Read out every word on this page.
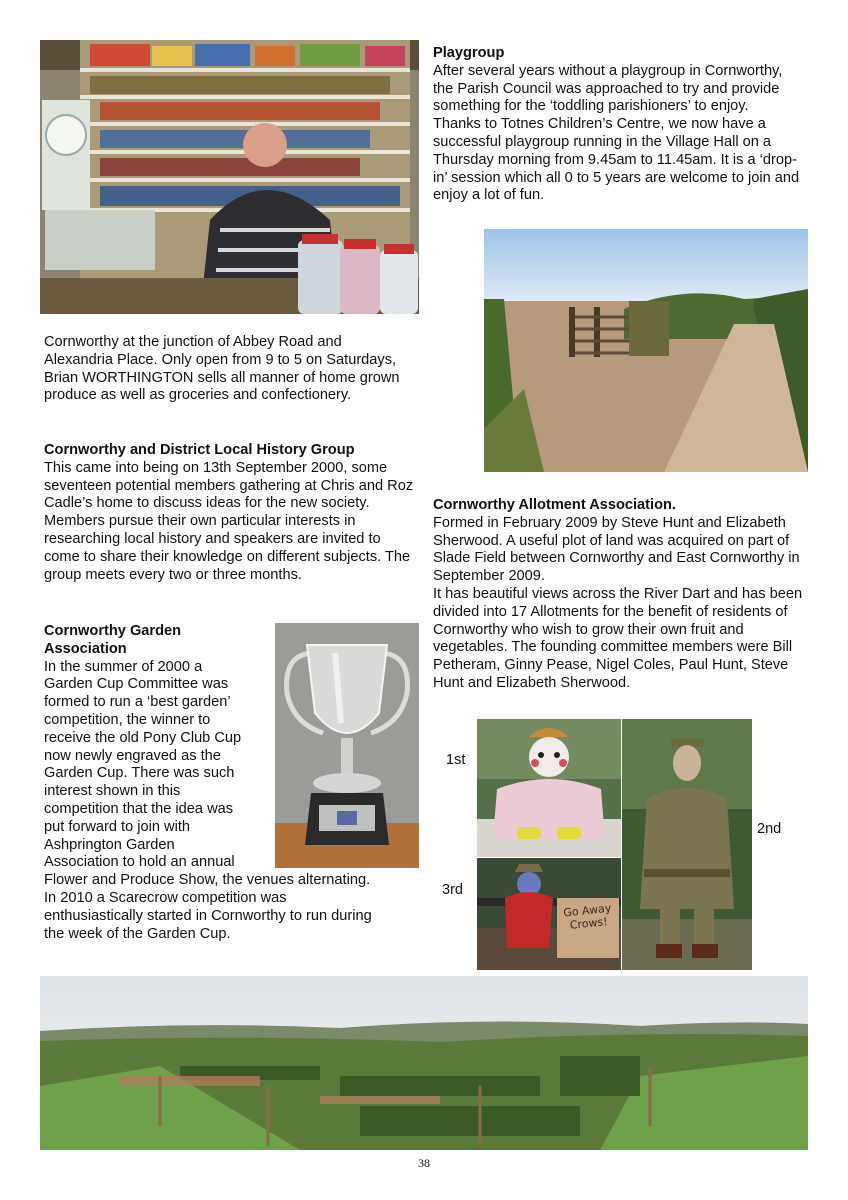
Cornworthy at the junction of Abbey Road and Alexandria Place. Only open from 9 to 5 on Saturdays, Brian WORTHINGTON sells all manner of home grown produce as well as groceries and confectionery.

Cornworthy and District Local History Group

This came into being on 13th September 2000, some seventeen potential members gathering at Chris and Roz Cadle’s home to discuss ideas for the new society.

Members pursue their own particular interests in researching local history and speakers are invited to come to share their knowledge on different subjects. The group meets every two or three months.

Cornworthy Garden
Association

In the summer of 2000 a

Garden Cup Committee was

formed to run a ‘best garden’

competition, the winner to

receive the old Pony Club Cup

now newly engraved as the

Garden Cup. There was such

interest shown in this

competition that the idea was

put forward to join with

Ashprington Garden

Association to hold an annual

Flower and Produce Show, the venues alternating.

In 2010 a Scarecrow competition was

enthusiastically started in Cornworthy to run during

the week of the Garden Cup.

Playgroup

After several years without a playgroup in Cornworthy, the Parish Council was approached to try and provide something for the ‘toddling parishioners’ to enjoy.

Thanks to Totnes Children’s Centre, we now have a successful playgroup running in the Village Hall on a Thursday morning from 9.45am to 11.45am. It is a ‘drop-in’ session which all 0 to 5 years are welcome to join and enjoy a lot of fun.

Cornworthy Allotment Association.

Formed in February 2009 by Steve Hunt and Elizabeth Sherwood. A useful plot of land was acquired on part of Slade Field between Cornworthy and East Cornworthy in September 2009.

It has beautiful views across the River Dart and has been divided into 17 Allotments for the benefit of residents of Cornworthy who wish to grow their own fruit and vegetables. The founding committee members were Bill Petheram, Ginny Pease, Nigel Coles, Paul Hunt, Steve Hunt and Elizabeth Sherwood.

1st
2nd
3rd
Go Away Crows!
38
